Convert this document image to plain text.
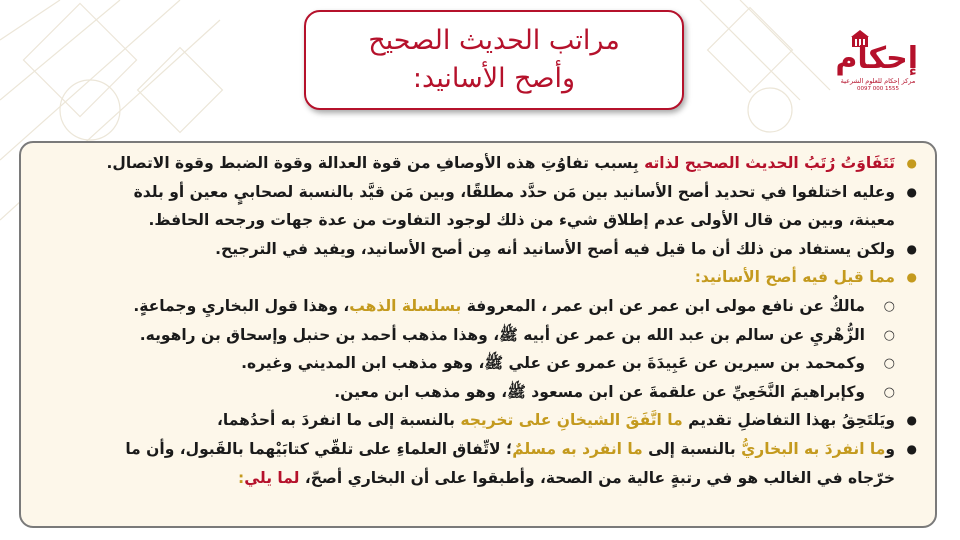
مراتب الحديث الصحيح
وأصح الأسانيد:
إحكام
مركز إحكام للعلوم الشرعية
0097 000 1555
●
تَتَفَاوَتُ رُتَبُ الحديث الصحيح لذاته بِسبب تفاوُتِ هذه الأوصافِ من قوة العدالة وقوة الضبط وقوة الاتصال.
●
وعليه اختلفوا في تحديد أصح الأسانيد بين مَن حدَّد مطلقًا، وبين مَن قيَّد بالنسبة لصحابيٍ معين أو بلدة
معينة، وبين من قال الأولى عدم إطلاق شيء من ذلك لوجود التفاوت من عدة جهات ورجحه الحافظ.
●
ولكن يستفاد من ذلك أن ما قيل فيه أصح الأسانيد أنه مِن أصح الأسانيد، ويفيد في الترجيح.
●
مما قيل فيه أصح الأسانيد:
○
مالكٌ عن نافع مولى ابن عمر عن ابن عمر ، المعروفة بسلسلة الذهب، وهذا قول البخاريِ وجماعةٍ.
○
الزُّهْريِ عن سالم بن عبد الله بن عمر عن أبيه ﷺ، وهذا مذهب أحمد بن حنبل وإسحاق بن راهويه.
○
وكمحمد بن سيرين عن عَبِيدَةَ بن عمرو عن علي ﷺ، وهو مذهب ابن المديني وغيره.
○
وكإبراهيمَ النَّخَعِيِّ عن علقمةَ عن ابن مسعود ﷺ، وهو مذهب ابن معين.
●
ويَلتَحِقُ بهذا التفاضلِ تقديم ما اتَّفَقَ الشيخانِ على تخريجه بالنسبة إلى ما انفردَ به أحدُهما،
●
وما انفردَ به البخاريُّ بالنسبة إلى ما انفرد به مسلمٌ؛ لاتِّفاق العلماءِ على تلقّي كتابَيْهما بالقَبول، وأن ما
خرّجاه في الغالب هو في رتبةٍ عالية من الصحة، وأطبقوا على أن البخاري أصحّ، لما يلي:
